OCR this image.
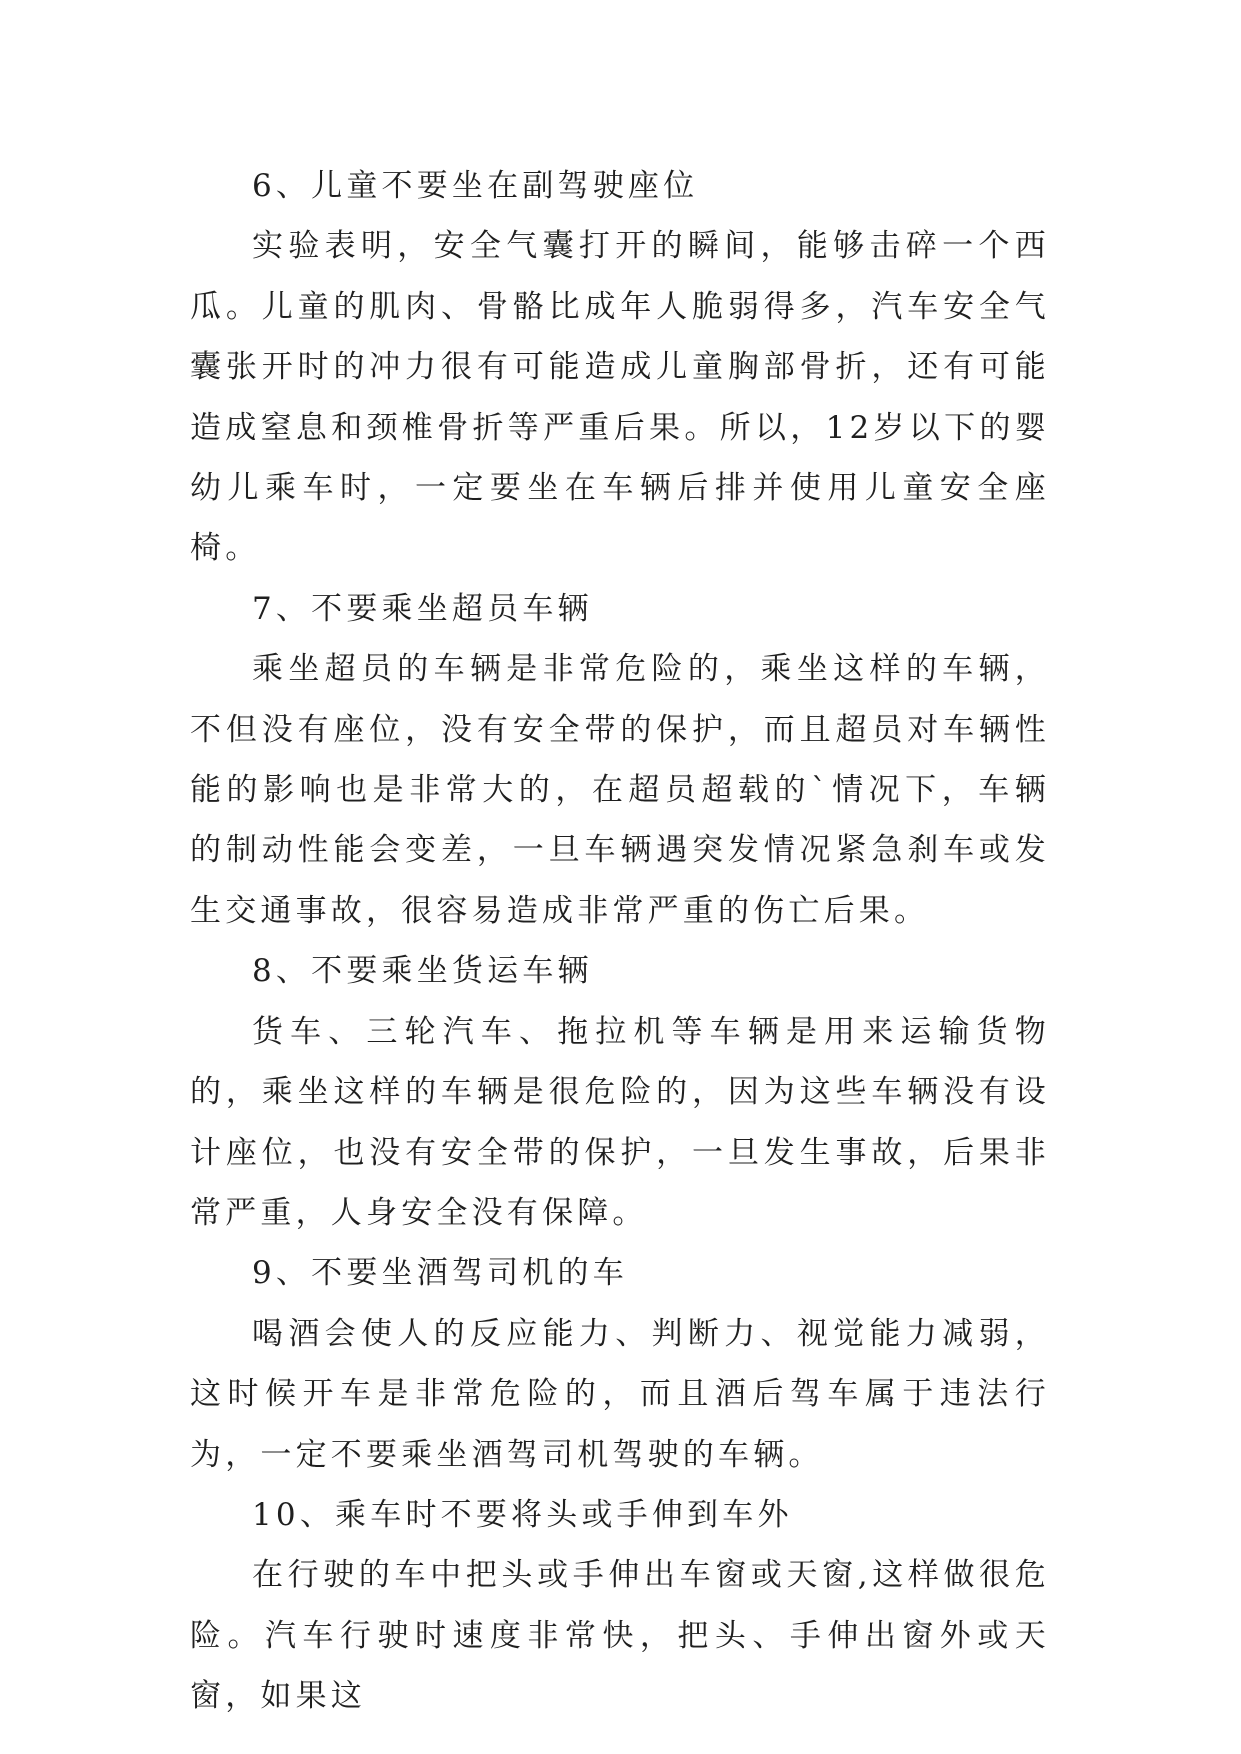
6、儿童不要坐在副驾驶座位

实验表明，安全气囊打开的瞬间，能够击碎一个西瓜。儿童的肌肉、骨骼比成年人脆弱得多，汽车安全气囊张开时的冲力很有可能造成儿童胸部骨折，还有可能造成窒息和颈椎骨折等严重后果。所以，12岁以下的婴幼儿乘车时，一定要坐在车辆后排并使用儿童安全座椅。

7、不要乘坐超员车辆

乘坐超员的车辆是非常危险的，乘坐这样的车辆，不但没有座位，没有安全带的保护，而且超员对车辆性能的影响也是非常大的，在超员超载的`情况下，车辆的制动性能会变差，一旦车辆遇突发情况紧急刹车或发生交通事故，很容易造成非常严重的伤亡后果。

8、不要乘坐货运车辆

货车、三轮汽车、拖拉机等车辆是用来运输货物的，乘坐这样的车辆是很危险的，因为这些车辆没有设计座位，也没有安全带的保护，一旦发生事故，后果非常严重，人身安全没有保障。

9、不要坐酒驾司机的车

喝酒会使人的反应能力、判断力、视觉能力减弱，这时候开车是非常危险的，而且酒后驾车属于违法行为，一定不要乘坐酒驾司机驾驶的车辆。

10、乘车时不要将头或手伸到车外

在行驶的车中把头或手伸出车窗或天窗,这样做很危险。汽车行驶时速度非常快，把头、手伸出窗外或天窗，如果这
